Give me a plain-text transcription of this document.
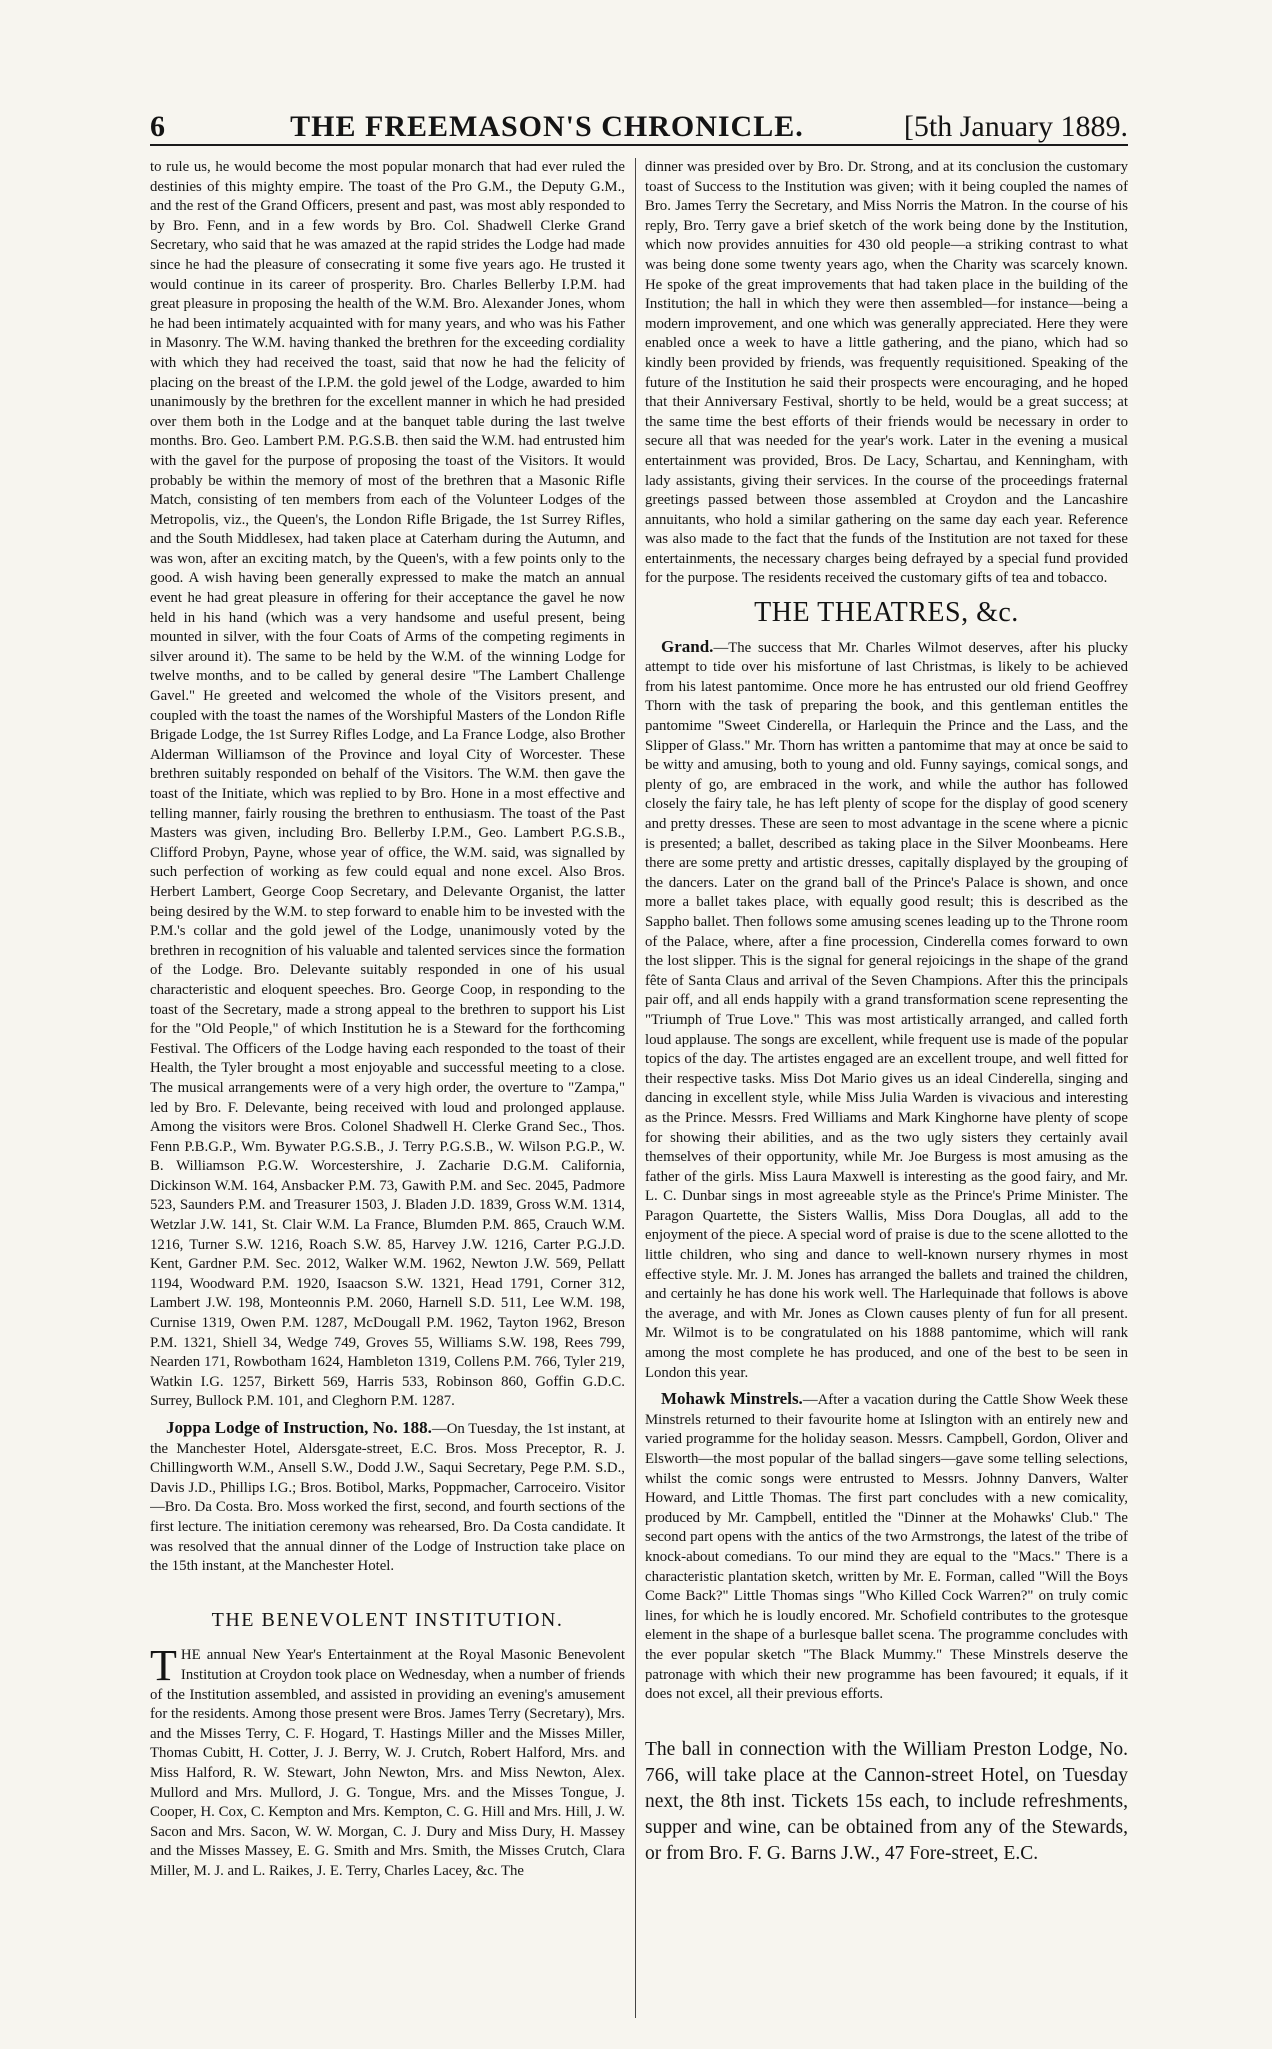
6	THE FREEMASON'S CHRONICLE.	[5th January 1889.

to rule us, he would become the most popular monarch that had ever ruled the destinies of this mighty empire. The toast of the Pro G.M., the Deputy G.M., and the rest of the Grand Officers, present and past, was most ably responded to by Bro. Fenn, and in a few words by Bro. Col. Shadwell Clerke Grand Secretary, who said that he was amazed at the rapid strides the Lodge had made since he had the pleasure of consecrating it some five years ago. He trusted it would continue in its career of prosperity. Bro. Charles Bellerby I.P.M. had great pleasure in proposing the health of the W.M. Bro. Alexander Jones, whom he had been intimately acquainted with for many years, and who was his Father in Masonry. The W.M. having thanked the brethren for the exceeding cordiality with which they had received the toast, said that now he had the felicity of placing on the breast of the I.P.M. the gold jewel of the Lodge, awarded to him unanimously by the brethren for the excellent manner in which he had presided over them both in the Lodge and at the banquet table during the last twelve months. Bro. Geo. Lambert P.M. P.G.S.B. then said the W.M. had entrusted him with the gavel for the purpose of proposing the toast of the Visitors. It would probably be within the memory of most of the brethren that a Masonic Rifle Match, consisting of ten members from each of the Volunteer Lodges of the Metropolis, viz., the Queen's, the London Rifle Brigade, the 1st Surrey Rifles, and the South Middlesex, had taken place at Caterham during the Autumn, and was won, after an exciting match, by the Queen's, with a few points only to the good. A wish having been generally expressed to make the match an annual event he had great pleasure in offering for their acceptance the gavel he now held in his hand (which was a very handsome and useful present, being mounted in silver, with the four Coats of Arms of the competing regiments in silver around it). The same to be held by the W.M. of the winning Lodge for twelve months, and to be called by general desire "The Lambert Challenge Gavel." He greeted and welcomed the whole of the Visitors present, and coupled with the toast the names of the Worshipful Masters of the London Rifle Brigade Lodge, the 1st Surrey Rifles Lodge, and La France Lodge, also Brother Alderman Williamson of the Province and loyal City of Worcester. These brethren suitably responded on behalf of the Visitors. The W.M. then gave the toast of the Initiate, which was replied to by Bro. Hone in a most effective and telling manner, fairly rousing the brethren to enthusiasm. The toast of the Past Masters was given, including Bro. Bellerby I.P.M., Geo. Lambert P.G.S.B., Clifford Probyn, Payne, whose year of office, the W.M. said, was signalled by such perfection of working as few could equal and none excel. Also Bros. Herbert Lambert, George Coop Secretary, and Delevante Organist, the latter being desired by the W.M. to step forward to enable him to be invested with the P.M.'s collar and the gold jewel of the Lodge, unanimously voted by the brethren in recognition of his valuable and talented services since the formation of the Lodge. Bro. Delevante suitably responded in one of his usual characteristic and eloquent speeches. Bro. George Coop, in responding to the toast of the Secretary, made a strong appeal to the brethren to support his List for the "Old People," of which Institution he is a Steward for the forthcoming Festival. The Officers of the Lodge having each responded to the toast of their Health, the Tyler brought a most enjoyable and successful meeting to a close. The musical arrangements were of a very high order, the overture to "Zampa," led by Bro. F. Delevante, being received with loud and prolonged applause. Among the visitors were Bros. Colonel Shadwell H. Clerke Grand Sec., Thos. Fenn P.B.G.P., Wm. Bywater P.G.S.B., J. Terry P.G.S.B., W. Wilson P.G.P., W. B. Williamson P.G.W. Worcestershire, J. Zacharie D.G.M. California, Dickinson W.M. 164, Ansbacker P.M. 73, Gawith P.M. and Sec. 2045, Padmore 523, Saunders P.M. and Treasurer 1503, J. Bladen J.D. 1839, Gross W.M. 1314, Wetzlar J.W. 141, St. Clair W.M. La France, Blumden P.M. 865, Crauch W.M. 1216, Turner S.W. 1216, Roach S.W. 85, Harvey J.W. 1216, Carter P.G.J.D. Kent, Gardner P.M. Sec. 2012, Walker W.M. 1962, Newton J.W. 569, Pellatt 1194, Woodward P.M. 1920, Isaacson S.W. 1321, Head 1791, Corner 312, Lambert J.W. 198, Monteonnis P.M. 2060, Harnell S.D. 511, Lee W.M. 198, Curnise 1319, Owen P.M. 1287, McDougall P.M. 1962, Tayton 1962, Breson P.M. 1321, Shiell 34, Wedge 749, Groves 55, Williams S.W. 198, Rees 799, Nearden 171, Rowbotham 1624, Hambleton 1319, Collens P.M. 766, Tyler 219, Watkin I.G. 1257, Birkett 569, Harris 533, Robinson 860, Goffin G.D.C. Surrey, Bullock P.M. 101, and Cleghorn P.M. 1287.

Joppa Lodge of Instruction, No. 188.—On Tuesday, the 1st instant, at the Manchester Hotel, Aldersgate-street, E.C. Bros. Moss Preceptor, R. J. Chillingworth W.M., Ansell S.W., Dodd J.W., Saqui Secretary, Pege P.M. S.D., Davis J.D., Phillips I.G.; Bros. Botibol, Marks, Poppmacher, Carroceiro. Visitor—Bro. Da Costa. Bro. Moss worked the first, second, and fourth sections of the first lecture. The initiation ceremony was rehearsed, Bro. Da Costa candidate. It was resolved that the annual dinner of the Lodge of Instruction take place on the 15th instant, at the Manchester Hotel.

THE BENEVOLENT INSTITUTION.

THE annual New Year's Entertainment at the Royal Masonic Benevolent Institution at Croydon took place on Wednesday, when a number of friends of the Institution assembled, and assisted in providing an evening's amusement for the residents. Among those present were Bros. James Terry (Secretary), Mrs. and the Misses Terry, C. F. Hogard, T. Hastings Miller and the Misses Miller, Thomas Cubitt, H. Cotter, J. J. Berry, W. J. Crutch, Robert Halford, Mrs. and Miss Halford, R. W. Stewart, John Newton, Mrs. and Miss Newton, Alex. Mullord and Mrs. Mullord, J. G. Tongue, Mrs. and the Misses Tongue, J. Cooper, H. Cox, C. Kempton and Mrs. Kempton, C. G. Hill and Mrs. Hill, J. W. Sacon and Mrs. Sacon, W. W. Morgan, C. J. Dury and Miss Dury, H. Massey and the Misses Massey, E. G. Smith and Mrs. Smith, the Misses Crutch, Clara Miller, M. J. and L. Raikes, J. E. Terry, Charles Lacey, &c. The

dinner was presided over by Bro. Dr. Strong, and at its conclusion the customary toast of Success to the Institution was given; with it being coupled the names of Bro. James Terry the Secretary, and Miss Norris the Matron. In the course of his reply, Bro. Terry gave a brief sketch of the work being done by the Institution, which now provides annuities for 430 old people—a striking contrast to what was being done some twenty years ago, when the Charity was scarcely known. He spoke of the great improvements that had taken place in the building of the Institution; the hall in which they were then assembled—for instance—being a modern improvement, and one which was generally appreciated. Here they were enabled once a week to have a little gathering, and the piano, which had so kindly been provided by friends, was frequently requisitioned. Speaking of the future of the Institution he said their prospects were encouraging, and he hoped that their Anniversary Festival, shortly to be held, would be a great success; at the same time the best efforts of their friends would be necessary in order to secure all that was needed for the year's work. Later in the evening a musical entertainment was provided, Bros. De Lacy, Schartau, and Kenningham, with lady assistants, giving their services. In the course of the proceedings fraternal greetings passed between those assembled at Croydon and the Lancashire annuitants, who hold a similar gathering on the same day each year. Reference was also made to the fact that the funds of the Institution are not taxed for these entertainments, the necessary charges being defrayed by a special fund provided for the purpose. The residents received the customary gifts of tea and tobacco.

THE THEATRES, &c.

Grand.—The success that Mr. Charles Wilmot deserves, after his plucky attempt to tide over his misfortune of last Christmas, is likely to be achieved from his latest pantomime. Once more he has entrusted our old friend Geoffrey Thorn with the task of preparing the book, and this gentleman entitles the pantomime "Sweet Cinderella, or Harlequin the Prince and the Lass, and the Slipper of Glass." Mr. Thorn has written a pantomime that may at once be said to be witty and amusing, both to young and old. Funny sayings, comical songs, and plenty of go, are embraced in the work, and while the author has followed closely the fairy tale, he has left plenty of scope for the display of good scenery and pretty dresses. These are seen to most advantage in the scene where a picnic is presented; a ballet, described as taking place in the Silver Moonbeams. Here there are some pretty and artistic dresses, capitally displayed by the grouping of the dancers. Later on the grand ball of the Prince's Palace is shown, and once more a ballet takes place, with equally good result; this is described as the Sappho ballet. Then follows some amusing scenes leading up to the Throne room of the Palace, where, after a fine procession, Cinderella comes forward to own the lost slipper. This is the signal for general rejoicings in the shape of the grand fête of Santa Claus and arrival of the Seven Champions. After this the principals pair off, and all ends happily with a grand transformation scene representing the "Triumph of True Love." This was most artistically arranged, and called forth loud applause. The songs are excellent, while frequent use is made of the popular topics of the day. The artistes engaged are an excellent troupe, and well fitted for their respective tasks. Miss Dot Mario gives us an ideal Cinderella, singing and dancing in excellent style, while Miss Julia Warden is vivacious and interesting as the Prince. Messrs. Fred Williams and Mark Kinghorne have plenty of scope for showing their abilities, and as the two ugly sisters they certainly avail themselves of their opportunity, while Mr. Joe Burgess is most amusing as the father of the girls. Miss Laura Maxwell is interesting as the good fairy, and Mr. L. C. Dunbar sings in most agreeable style as the Prince's Prime Minister. The Paragon Quartette, the Sisters Wallis, Miss Dora Douglas, all add to the enjoyment of the piece. A special word of praise is due to the scene allotted to the little children, who sing and dance to well-known nursery rhymes in most effective style. Mr. J. M. Jones has arranged the ballets and trained the children, and certainly he has done his work well. The Harlequinade that follows is above the average, and with Mr. Jones as Clown causes plenty of fun for all present. Mr. Wilmot is to be congratulated on his 1888 pantomime, which will rank among the most complete he has produced, and one of the best to be seen in London this year.

Mohawk Minstrels.—After a vacation during the Cattle Show Week these Minstrels returned to their favourite home at Islington with an entirely new and varied programme for the holiday season. Messrs. Campbell, Gordon, Oliver and Elsworth—the most popular of the ballad singers—gave some telling selections, whilst the comic songs were entrusted to Messrs. Johnny Danvers, Walter Howard, and Little Thomas. The first part concludes with a new comicality, produced by Mr. Campbell, entitled the "Dinner at the Mohawks' Club." The second part opens with the antics of the two Armstrongs, the latest of the tribe of knock-about comedians. To our mind they are equal to the "Macs." There is a characteristic plantation sketch, written by Mr. E. Forman, called "Will the Boys Come Back?" Little Thomas sings "Who Killed Cock Warren?" on truly comic lines, for which he is loudly encored. Mr. Schofield contributes to the grotesque element in the shape of a burlesque ballet scena. The programme concludes with the ever popular sketch "The Black Mummy." These Minstrels deserve the patronage with which their new programme has been favoured; it equals, if it does not excel, all their previous efforts.

The ball in connection with the William Preston Lodge, No. 766, will take place at the Cannon-street Hotel, on Tuesday next, the 8th inst. Tickets 15s each, to include refreshments, supper and wine, can be obtained from any of the Stewards, or from Bro. F. G. Barns J.W., 47 Fore-street, E.C.
